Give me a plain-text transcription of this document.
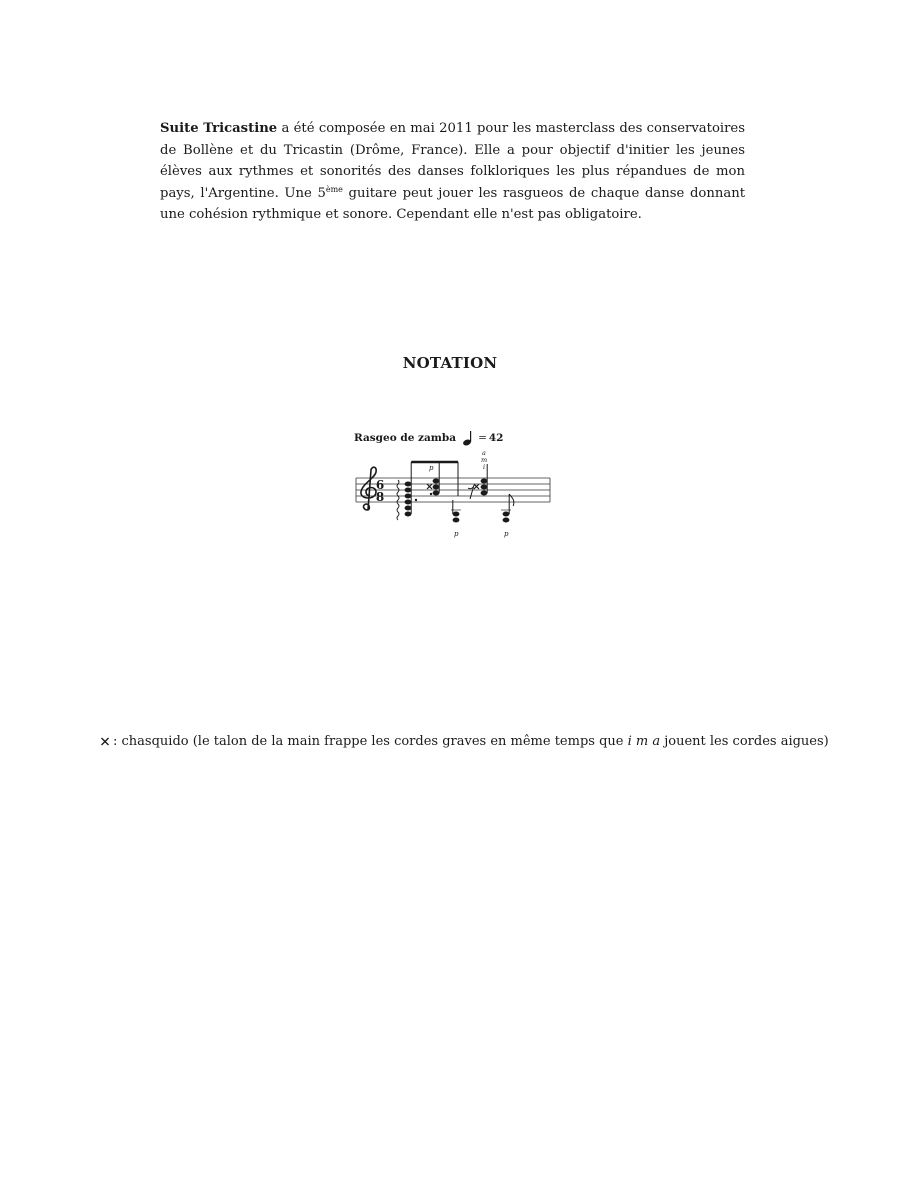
Suite Tricastine a été composée en mai 2011 pour les masterclass des conservatoires de Bollène et du Tricastin (Drôme, France). Elle a pour objectif d'initier les jeunes élèves aux rythmes et sonorités des danses folkloriques les plus répandues de mon pays, l'Argentine. Une 5ème guitare peut jouer les rasgueos de chaque danse donnant une cohésion rythmique et sonore. Cependant elle n'est pas obligatoire.

NOTATION
Rasgeo de zamba = 42
6
8
p
p
a
m
i
p

: chasquido (le talon de la main frappe les cordes graves en même temps que i m a jouent les cordes aigues)
